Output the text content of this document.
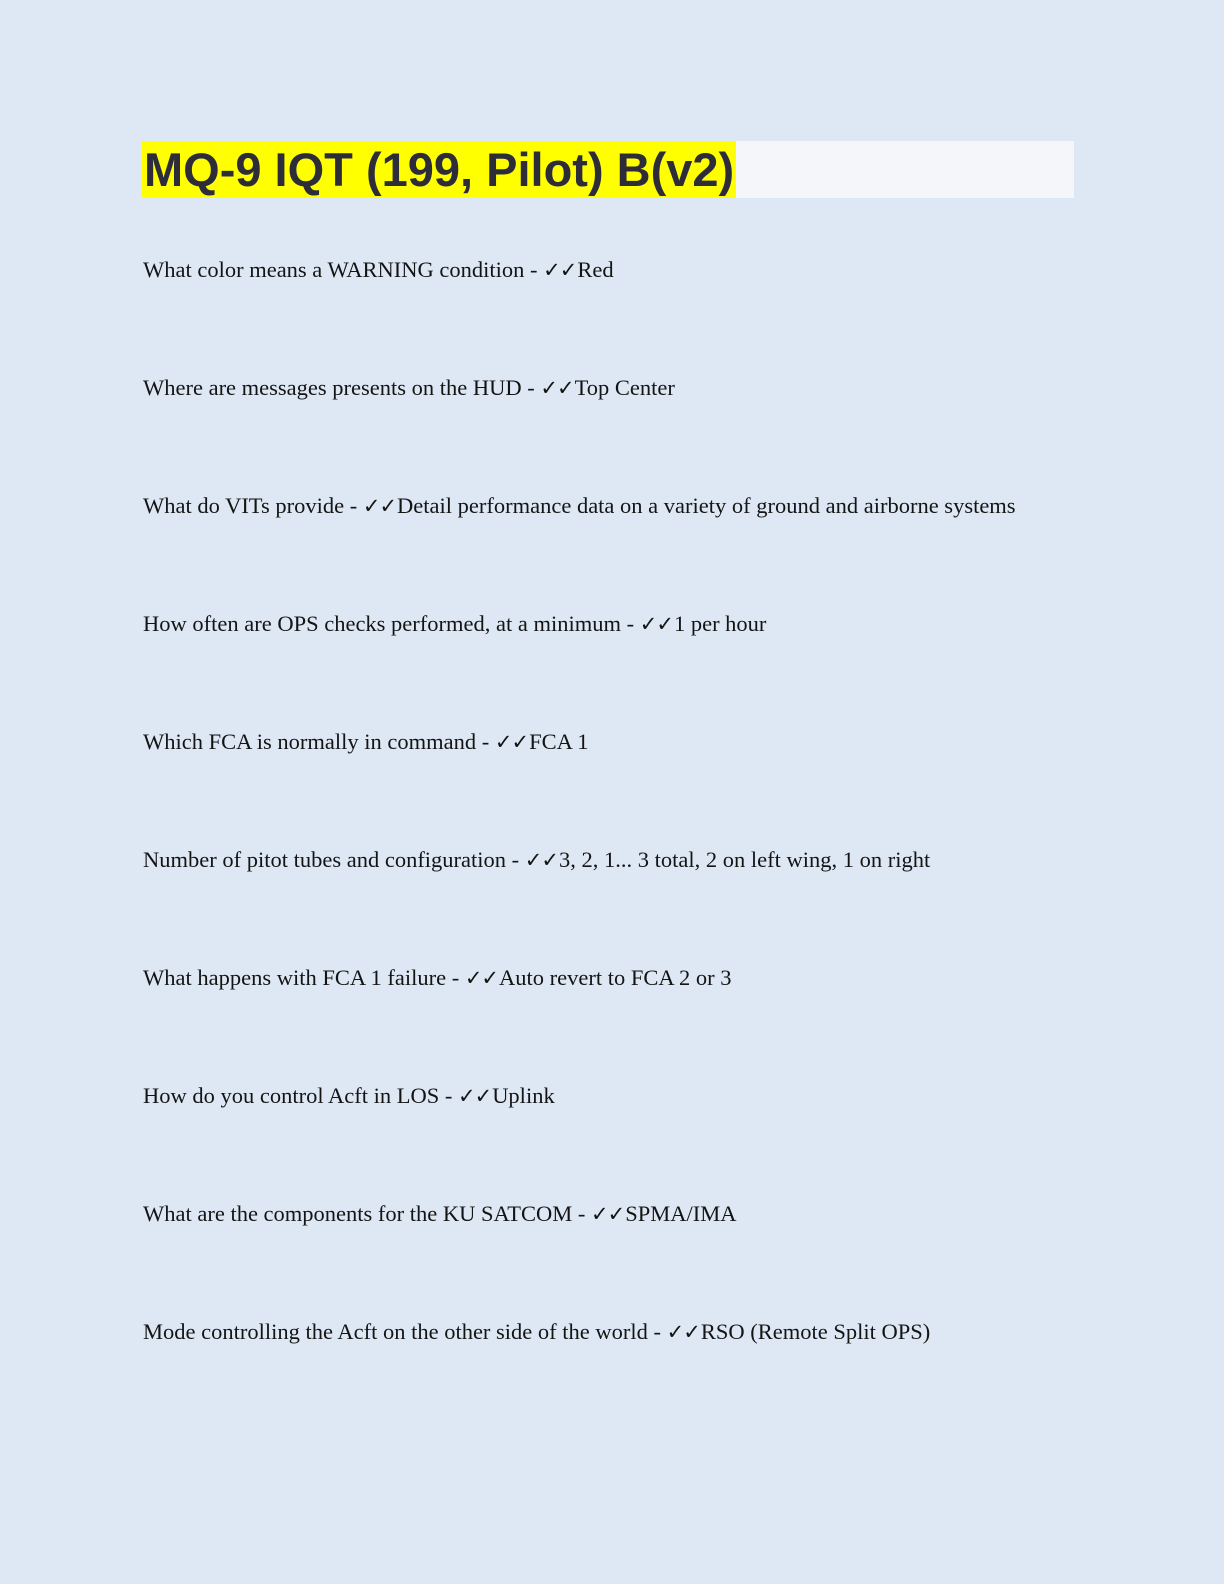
MQ-9 IQT (199, Pilot) B(v2)
What color means a WARNING condition - ✓✓Red
Where are messages presents on the HUD - ✓✓Top Center
What do VITs provide - ✓✓Detail performance data on a variety of ground and airborne systems
How often are OPS checks performed, at a minimum - ✓✓1 per hour
Which FCA is normally in command - ✓✓FCA 1
Number of pitot tubes and configuration - ✓✓3, 2, 1... 3 total, 2 on left wing, 1 on right
What happens with FCA 1 failure - ✓✓Auto revert to FCA 2 or 3
How do you control Acft in LOS - ✓✓Uplink
What are the components for the KU SATCOM - ✓✓SPMA/IMA
Mode controlling the Acft on the other side of the world - ✓✓RSO (Remote Split OPS)
